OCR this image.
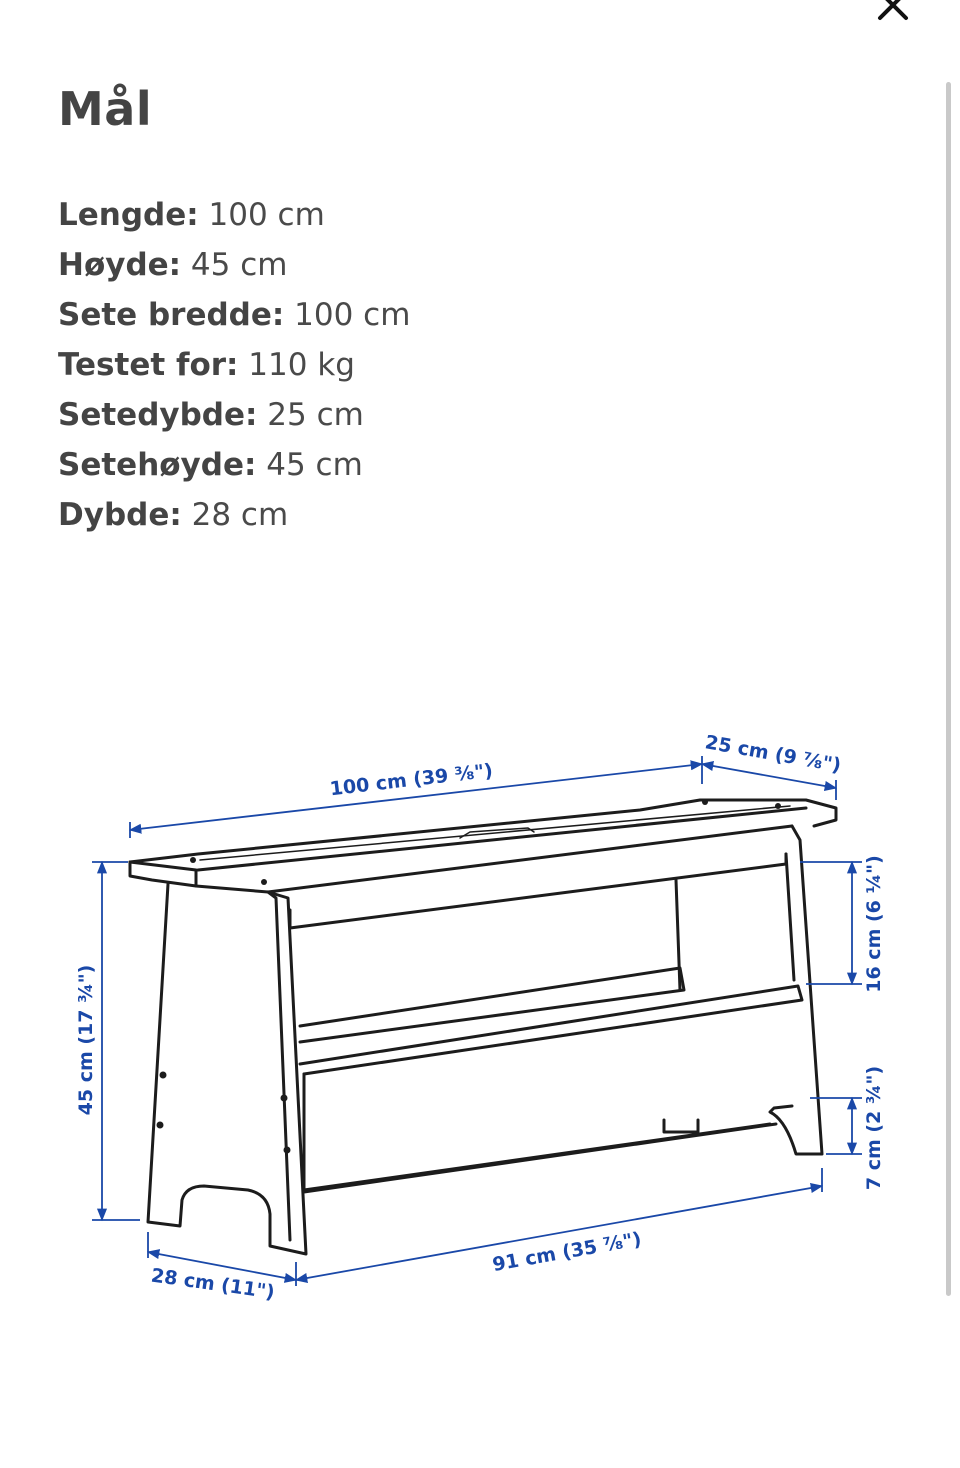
Mål
Lengde: 100 cm
Høyde: 45 cm
Sete bredde: 100 cm
Testet for: 110 kg
Setedybde: 25 cm
Setehøyde: 45 cm
Dybde: 28 cm
100 cm (39 ⅜")
25 cm (9 ⅞")
45 cm (17 ¾")
16 cm (6 ¼")
7 cm (2 ¾")
91 cm (35 ⅞")
28 cm (11")
